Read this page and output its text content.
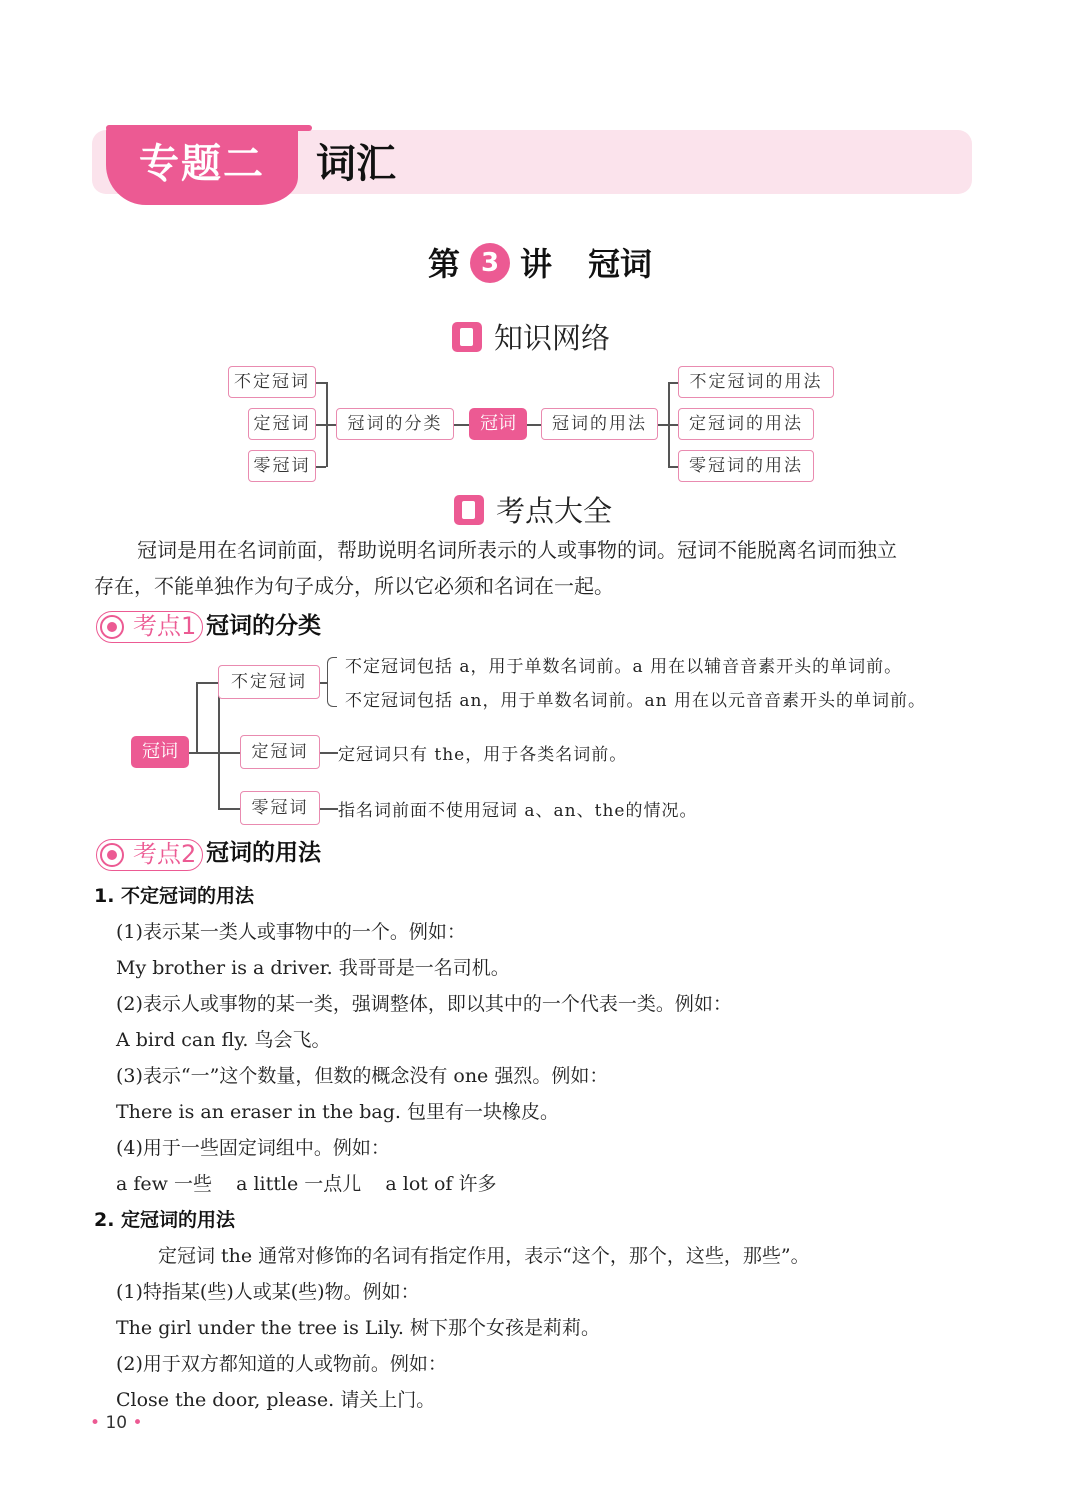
专题二	词汇
第 3 讲 冠词
知识网络
不定冠词
定冠词
零冠词
冠词的分类	冠词	冠词的用法
不定冠词的用法
定冠词的用法
零冠词的用法
考点大全
冠词是用在名词前面，帮助说明名词所表示的人或事物的词。冠词不能脱离名词而独立
存在，不能单独作为句子成分，所以它必须和名词在一起。
考点1 冠词的分类
冠词
不定冠词
定冠词
零冠词
不定冠词包括 a，用于单数名词前。a 用在以辅音音素开头的单词前。
不定冠词包括 an，用于单数名词前。an 用在以元音音素开头的单词前。
定冠词只有 the，用于各类名词前。
指名词前面不使用冠词 a、an、the的情况。
考点2 冠词的用法
1. 不定冠词的用法
(1)表示某一类人或事物中的一个。例如：
My brother is a driver. 我哥哥是一名司机。
(2)表示人或事物的某一类，强调整体，即以其中的一个代表一类。例如：
A bird can fly. 鸟会飞。
(3)表示“一”这个数量，但数的概念没有 one 强烈。例如：
There is an eraser in the bag. 包里有一块橡皮。
(4)用于一些固定词组中。例如：
a few 一些    a little 一点儿    a lot of 许多
2. 定冠词的用法
定冠词 the 通常对修饰的名词有指定作用，表示“这个，那个，这些，那些”。
(1)特指某(些)人或某(些)物。例如：
The girl under the tree is Lily. 树下那个女孩是莉莉。
(2)用于双方都知道的人或物前。例如：
Close the door, please. 请关上门。
• 10 •
